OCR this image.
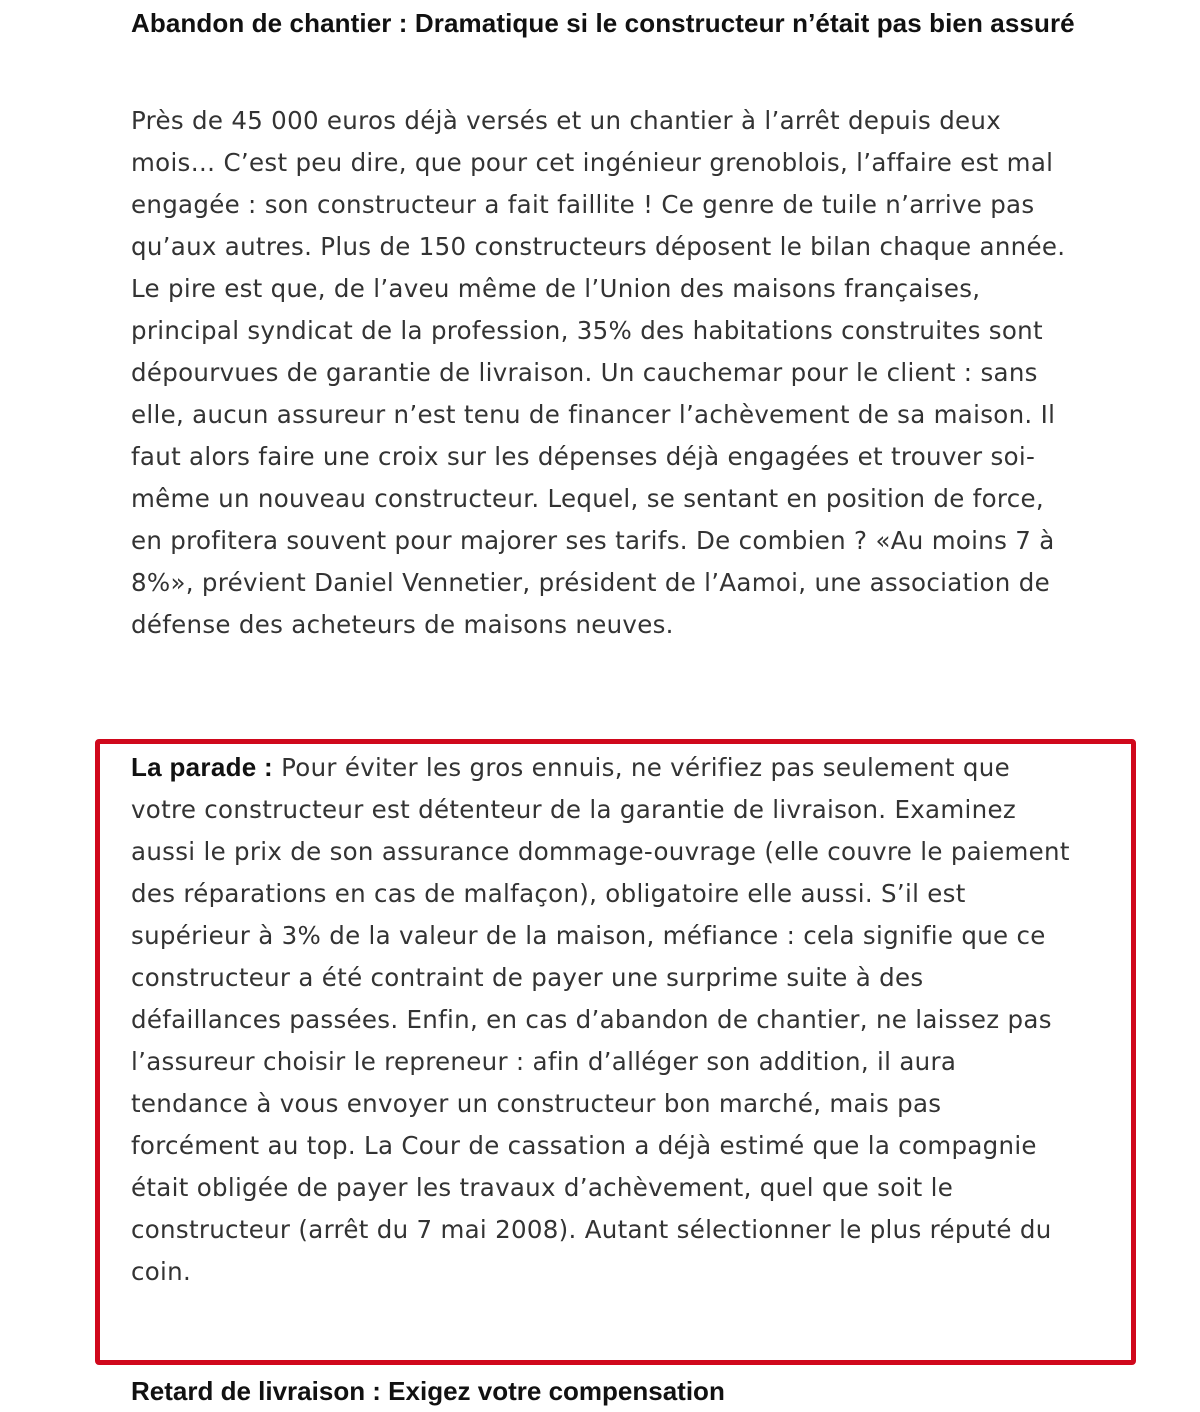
Abandon de chantier : Dramatique si le constructeur n’était pas bien assuré

Près de 45 000 euros déjà versés et un chantier à l’arrêt depuis deux mois… C’est peu dire, que pour cet ingénieur grenoblois, l’affaire est mal engagée : son constructeur a fait faillite ! Ce genre de tuile n’arrive pas qu’aux autres. Plus de 150 constructeurs déposent le bilan chaque année. Le pire est que, de l’aveu même de l’Union des maisons françaises, principal syndicat de la profession, 35% des habitations construites sont dépourvues de garantie de livraison. Un cauchemar pour le client : sans elle, aucun assureur n’est tenu de financer l’achèvement de sa maison. Il faut alors faire une croix sur les dépenses déjà engagées et trouver soi-même un nouveau constructeur. Lequel, se sentant en position de force, en profitera souvent pour majorer ses tarifs. De combien ? «Au moins 7 à 8%», prévient Daniel Vennetier, président de l’Aamoi, une association de défense des acheteurs de maisons neuves.

La parade : Pour éviter les gros ennuis, ne vérifiez pas seulement que votre constructeur est détenteur de la garantie de livraison. Examinez aussi le prix de son assurance dommage-ouvrage (elle couvre le paiement des réparations en cas de malfaçon), obligatoire elle aussi. S’il est supérieur à 3% de la valeur de la maison, méfiance : cela signifie que ce constructeur a été contraint de payer une surprime suite à des défaillances passées. Enfin, en cas d’abandon de chantier, ne laissez pas l’assureur choisir le repreneur : afin d’alléger son addition, il aura tendance à vous envoyer un constructeur bon marché, mais pas forcément au top. La Cour de cassation a déjà estimé que la compagnie était obligée de payer les travaux d’achèvement, quel que soit le constructeur (arrêt du 7 mai 2008). Autant sélectionner le plus réputé du coin.

Retard de livraison : Exigez votre compensation
